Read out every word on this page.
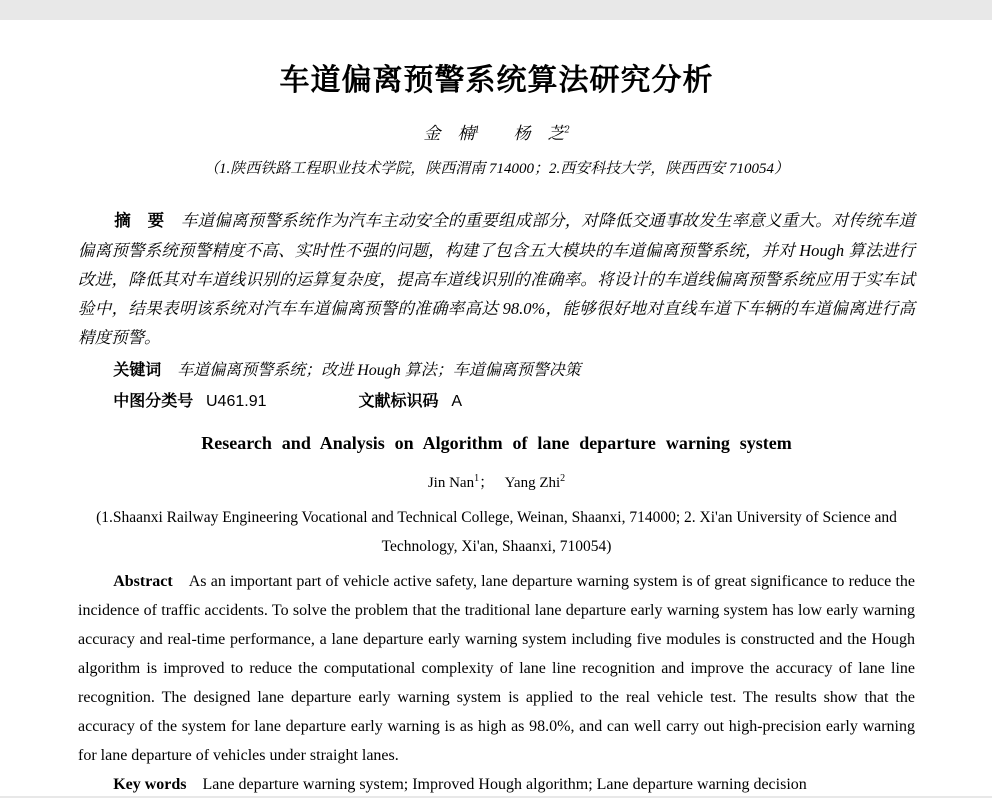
车道偏离预警系统算法研究分析
金　楠$^1$ 杨　芝$^2$
（1.陕西铁路工程职业技术学院，陕西渭南 714000；2.西安科技大学，陕西西安 710054）

摘　要 车道偏离预警系统作为汽车主动安全的重要组成部分，对降低交通事故发生率意义重大。对传统车道偏离预警系统预警精度不高、实时性不强的问题，构建了包含五大模块的车道偏离预警系统，并对 Hough 算法进行改进，降低其对车道线识别的运算复杂度，提高车道线识别的准确率。将设计的车道线偏离预警系统应用于实车试验中，结果表明该系统对汽车车道偏离预警的准确率高达 98.0%，能够很好地对直线车道下车辆的车道偏离进行高精度预警。

关键词 车道偏离预警系统；改进 Hough 算法；车道偏离预警决策
中图分类号 U461.91	文献标识码 A
Research and Analysis on Algorithm of lane departure warning system
Jin Nan$^1$； Yang Zhi$^2$
(1.Shaanxi Railway Engineering Vocational and Technical College, Weinan, Shaanxi, 714000; 2. Xi'an University of Science and Technology, Xi'an, Shaanxi, 710054)

Abstract As an important part of vehicle active safety, lane departure warning system is of great significance to reduce the incidence of traffic accidents. To solve the problem that the traditional lane departure early warning system has low early warning accuracy and real-time performance, a lane departure early warning system including five modules is constructed and the Hough algorithm is improved to reduce the computational complexity of lane line recognition and improve the accuracy of lane line recognition. The designed lane departure early warning system is applied to the real vehicle test. The results show that the accuracy of the system for lane departure early warning is as high as 98.0%, and can well carry out high-precision early warning for lane departure of vehicles under straight lanes.

Key words Lane departure warning system; Improved Hough algorithm; Lane departure warning decision
